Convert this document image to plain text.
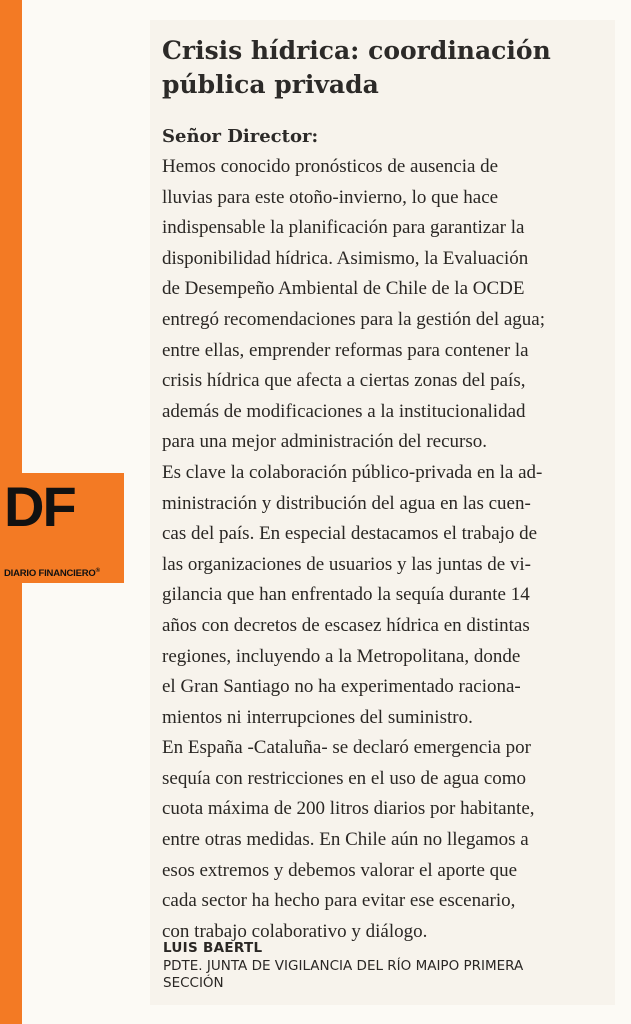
DF
DIARIO FINANCIERO®
Crisis hídrica: coordinación
pública privada
Señor Director:
Hemos conocido pronósticos de ausencia de
lluvias para este otoño-invierno, lo que hace
indispensable la planificación para garantizar la
disponibilidad hídrica. Asimismo, la Evaluación
de Desempeño Ambiental de Chile de la OCDE
entregó recomendaciones para la gestión del agua;
entre ellas, emprender reformas para contener la
crisis hídrica que afecta a ciertas zonas del país,
además de modificaciones a la institucionalidad
para una mejor administración del recurso.
Es clave la colaboración público-privada en la ad-
ministración y distribución del agua en las cuen-
cas del país. En especial destacamos el trabajo de
las organizaciones de usuarios y las juntas de vi-
gilancia que han enfrentado la sequía durante 14
años con decretos de escasez hídrica en distintas
regiones, incluyendo a la Metropolitana, donde
el Gran Santiago no ha experimentado raciona-
mientos ni interrupciones del suministro.
En España -Cataluña- se declaró emergencia por
sequía con restricciones en el uso de agua como
cuota máxima de 200 litros diarios por habitante,
entre otras medidas. En Chile aún no llegamos a
esos extremos y debemos valorar el aporte que
cada sector ha hecho para evitar ese escenario,
con trabajo colaborativo y diálogo.
LUIS BAERTL
PDTE. JUNTA DE VIGILANCIA DEL RÍO MAIPO PRIMERA
SECCIÓN
